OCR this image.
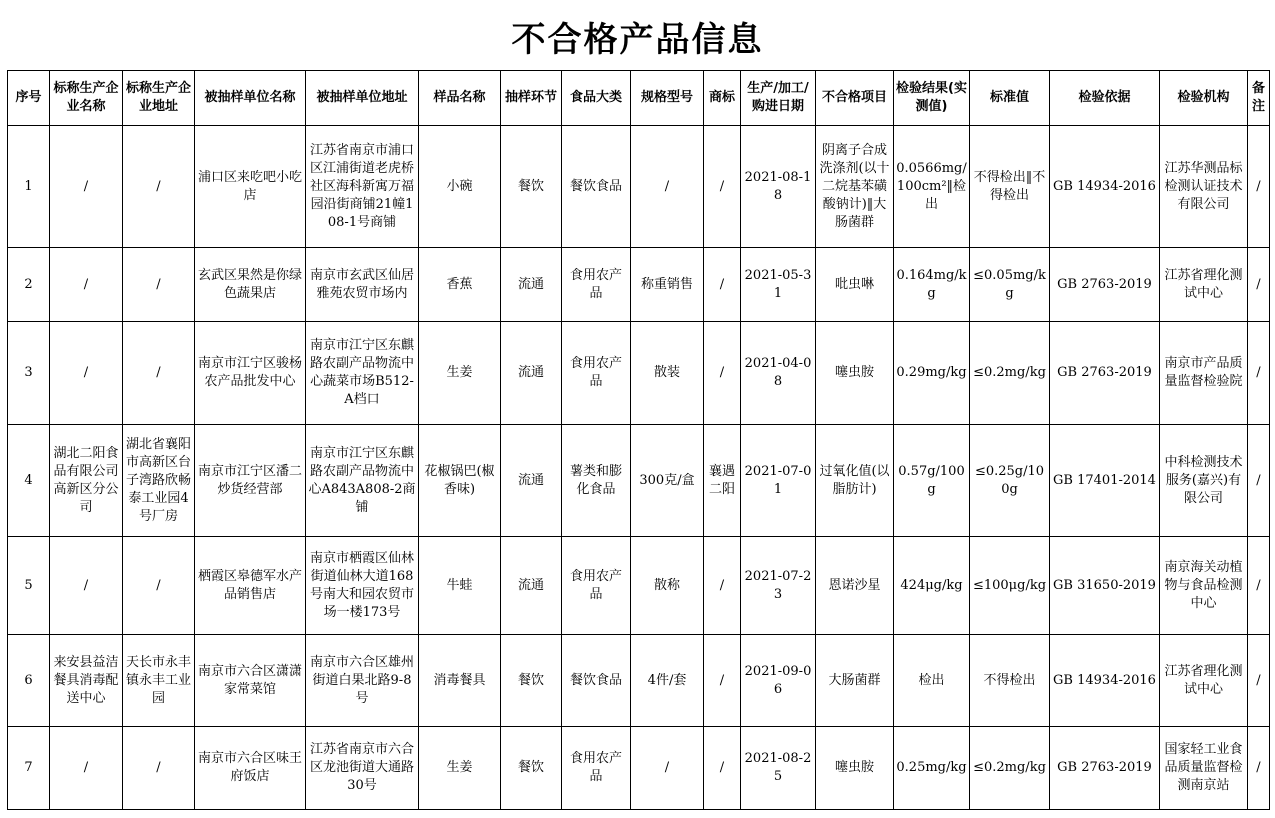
不合格产品信息
序号	标称生产企业名称	标称生产企业地址	被抽样单位名称	被抽样单位地址	样品名称	抽样环节	食品大类	规格型号	商标	生产/加工/购进日期	不合格项目	检验结果(实测值)	标准值	检验依据	检验机构	备注
1	/	/	浦口区来吃吧小吃店	江苏省南京市浦口区江浦街道老虎桥社区海科新寓万福园沿街商铺21幢108-1号商铺	小碗	餐饮	餐饮食品	/	/	2021-08-18	阴离子合成洗涤剂(以十二烷基苯磺酸钠计)‖大肠菌群	0.0566mg/100cm²‖检出	不得检出‖不得检出	GB 14934-2016	江苏华测品标检测认证技术有限公司	/
2	/	/	玄武区果然是你绿色蔬果店	南京市玄武区仙居雅苑农贸市场内	香蕉	流通	食用农产品	称重销售	/	2021-05-31	吡虫啉	0.164mg/kg	≤0.05mg/kg	GB 2763-2019	江苏省理化测试中心	/
3	/	/	南京市江宁区骏杨农产品批发中心	南京市江宁区东麒路农副产品物流中心蔬菜市场B512-A档口	生姜	流通	食用农产品	散装	/	2021-04-08	噻虫胺	0.29mg/kg	≤0.2mg/kg	GB 2763-2019	南京市产品质量监督检验院	/
4	湖北二阳食品有限公司高新区分公司	湖北省襄阳市高新区台子湾路欣畅泰工业园4号厂房	南京市江宁区潘二炒货经营部	南京市江宁区东麒路农副产品物流中心A843A808-2商铺	花椒锅巴(椒香味)	流通	薯类和膨化食品	300克/盒	襄遇二阳	2021-07-01	过氧化值(以脂肪计)	0.57g/100g	≤0.25g/100g	GB 17401-2014	中科检测技术服务(嘉兴)有限公司	/
5	/	/	栖霞区皋德军水产品销售店	南京市栖霞区仙林街道仙林大道168号南大和园农贸市场一楼173号	牛蛙	流通	食用农产品	散称	/	2021-07-23	恩诺沙星	424μg/kg	≤100μg/kg	GB 31650-2019	南京海关动植物与食品检测中心	/
6	来安县益洁餐具消毒配送中心	天长市永丰镇永丰工业园	南京市六合区潇潇家常菜馆	南京市六合区雄州街道白果北路9-8号	消毒餐具	餐饮	餐饮食品	4件/套	/	2021-09-06	大肠菌群	检出	不得检出	GB 14934-2016	江苏省理化测试中心	/
7	/	/	南京市六合区味王府饭店	江苏省南京市六合区龙池街道大通路30号	生姜	餐饮	食用农产品	/	/	2021-08-25	噻虫胺	0.25mg/kg	≤0.2mg/kg	GB 2763-2019	国家轻工业食品质量监督检测南京站	/
